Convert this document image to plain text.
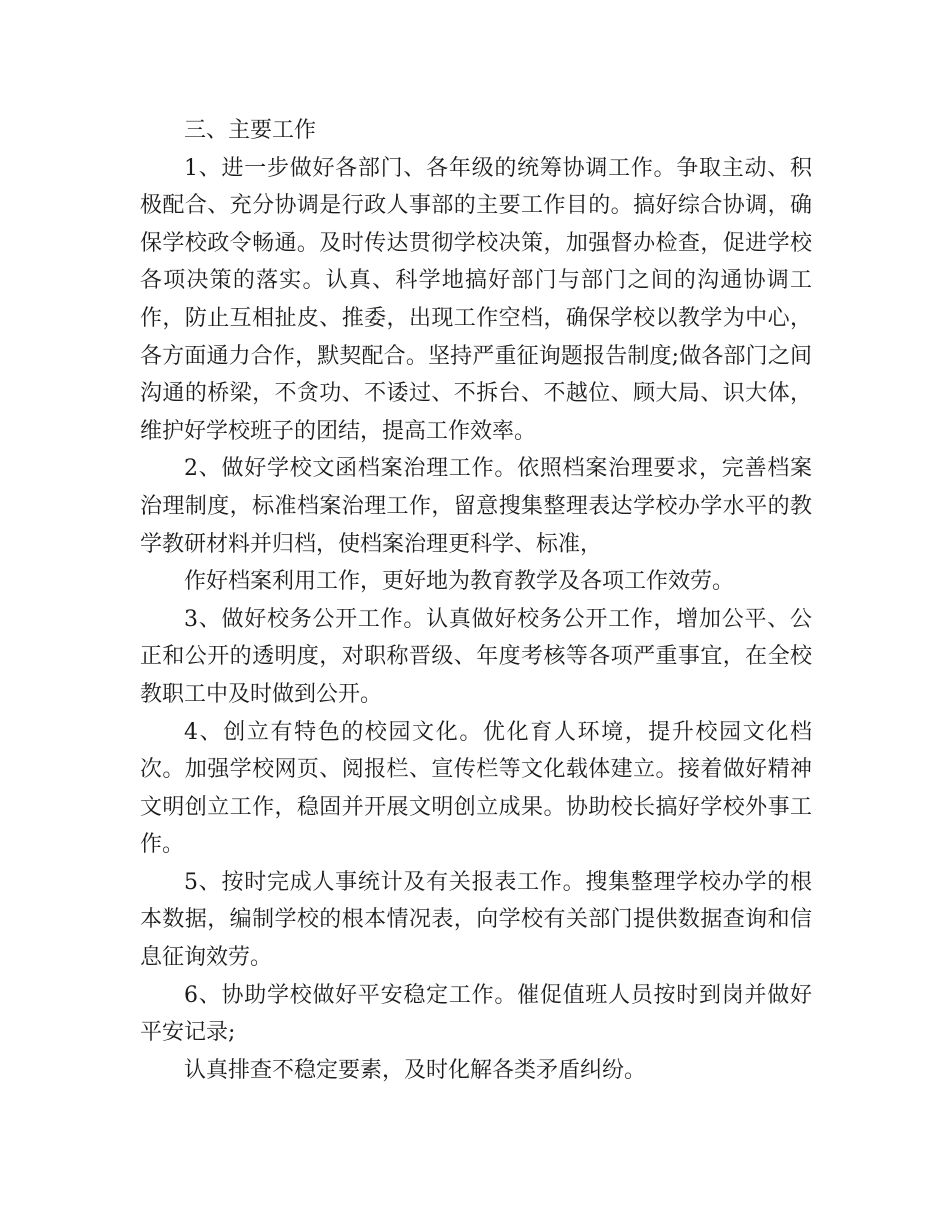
三、主要工作

1、进一步做好各部门、各年级的统筹协调工作。争取主动、积极配合、充分协调是行政人事部的主要工作目的。搞好综合协调，确保学校政令畅通。及时传达贯彻学校决策，加强督办检查，促进学校各项决策的落实。认真、科学地搞好部门与部门之间的沟通协调工作，防止互相扯皮、推委，出现工作空档，确保学校以教学为中心，各方面通力合作，默契配合。坚持严重征询题报告制度;做各部门之间沟通的桥梁，不贪功、不诿过、不拆台、不越位、顾大局、识大体，维护好学校班子的团结，提高工作效率。

2、做好学校文函档案治理工作。依照档案治理要求，完善档案治理制度，标准档案治理工作，留意搜集整理表达学校办学水平的教学教研材料并归档，使档案治理更科学、标准，

作好档案利用工作，更好地为教育教学及各项工作效劳。

3、做好校务公开工作。认真做好校务公开工作，增加公平、公正和公开的透明度，对职称晋级、年度考核等各项严重事宜，在全校教职工中及时做到公开。

4、创立有特色的校园文化。优化育人环境，提升校园文化档次。加强学校网页、阅报栏、宣传栏等文化载体建立。接着做好精神文明创立工作，稳固并开展文明创立成果。协助校长搞好学校外事工作。

5、按时完成人事统计及有关报表工作。搜集整理学校办学的根本数据，编制学校的根本情况表，向学校有关部门提供数据查询和信息征询效劳。

6、协助学校做好平安稳定工作。催促值班人员按时到岗并做好平安记录;

认真排查不稳定要素，及时化解各类矛盾纠纷。
